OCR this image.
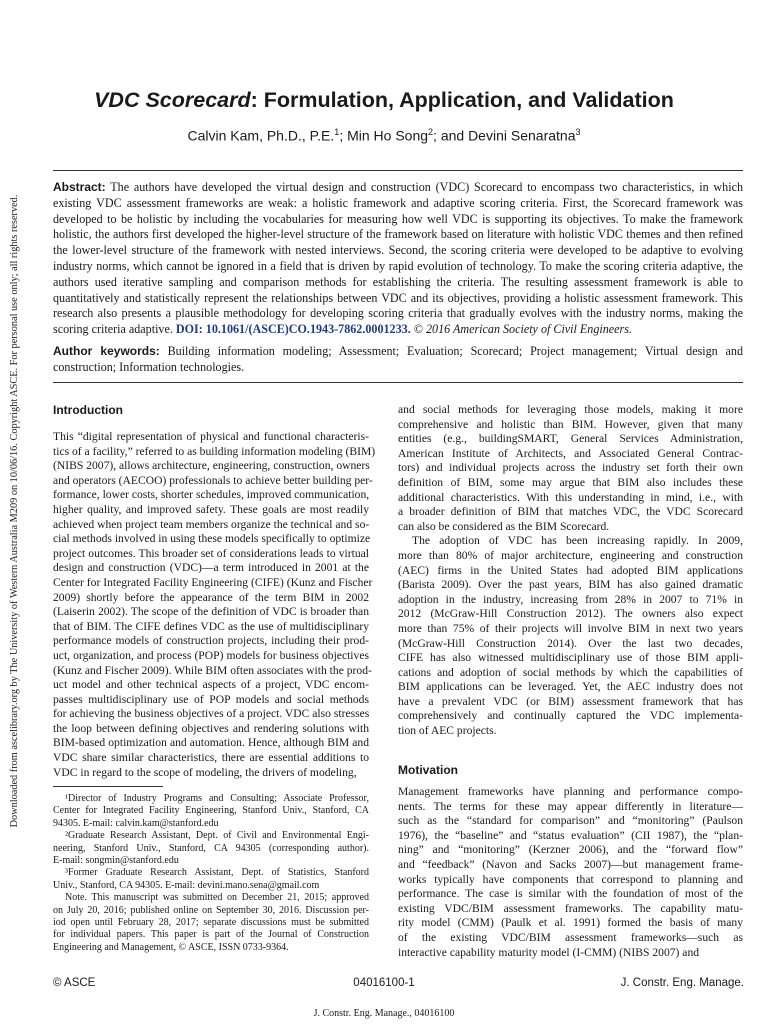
Downloaded from ascelibrary.org by The University of Western Australia M209 on 10/06/16. Copyright ASCE. For personal use only; all rights reserved.
VDC Scorecard: Formulation, Application, and Validation
Calvin Kam, Ph.D., P.E.$^1$; Min Ho Song$^2$; and Devini Senaratna$^3$
Abstract: The authors have developed the virtual design and construction (VDC) Scorecard to encompass two characteristics, in which existing VDC assessment frameworks are weak: a holistic framework and adaptive scoring criteria. First, the Scorecard framework was developed to be holistic by including the vocabularies for measuring how well VDC is supporting its objectives. To make the framework holistic, the authors first developed the higher-level structure of the framework based on literature with holistic VDC themes and then refined the lower-level structure of the framework with nested interviews. Second, the scoring criteria were developed to be adaptive to evolving industry norms, which cannot be ignored in a field that is driven by rapid evolution of technology. To make the scoring criteria adaptive, the authors used iterative sampling and comparison methods for establishing the criteria. The resulting assessment framework is able to quantitatively and statistically represent the relationships between VDC and its objectives, providing a holistic assessment framework. This research also presents a plausible methodology for developing scoring criteria that gradually evolves with the industry norms, making the scoring criteria adaptive. DOI: 10.1061/(ASCE)CO.1943-7862.0001233. © 2016 American Society of Civil Engineers.
Author keywords: Building information modeling; Assessment; Evaluation; Scorecard; Project management; Virtual design and construction; Information technologies.
Introduction
This “digital representation of physical and functional characteris-
tics of a facility,” referred to as building information modeling (BIM)
(NIBS 2007), allows architecture, engineering, construction, owners
and operators (AECOO) professionals to achieve better building per-
formance, lower costs, shorter schedules, improved communication,
higher quality, and improved safety. These goals are most readily
achieved when project team members organize the technical and so-
cial methods involved in using these models specifically to optimize
project outcomes. This broader set of considerations leads to virtual
design and construction (VDC)—a term introduced in 2001 at the
Center for Integrated Facility Engineering (CIFE) (Kunz and Fischer
2009) shortly before the appearance of the term BIM in 2002
(Laiserin 2002). The scope of the definition of VDC is broader than
that of BIM. The CIFE defines VDC as the use of multidisciplinary
performance models of construction projects, including their prod-
uct, organization, and process (POP) models for business objectives
(Kunz and Fischer 2009). While BIM often associates with the prod-
uct model and other technical aspects of a project, VDC encom-
passes multidisciplinary use of POP models and social methods
for achieving the business objectives of a project. VDC also stresses
the loop between defining objectives and rendering solutions with
BIM-based optimization and automation. Hence, although BIM and
VDC share similar characteristics, there are essential additions to
VDC in regard to the scope of modeling, the drivers of modeling,
¹Director of Industry Programs and Consulting; Associate Professor,
Center for Integrated Facility Engineering, Stanford Univ., Stanford, CA
94305. E-mail: calvin.kam@stanford.edu
²Graduate Research Assistant, Dept. of Civil and Environmental Engi-
neering, Stanford Univ., Stanford, CA 94305 (corresponding author).
E-mail: songmin@stanford.edu
³Former Graduate Research Assistant, Dept. of Statistics, Stanford
Univ., Stanford, CA 94305. E-mail: devini.mano.sena@gmail.com
Note. This manuscript was submitted on December 21, 2015; approved
on July 20, 2016; published online on September 30, 2016. Discussion per-
iod open until February 28, 2017; separate discussions must be submitted
for individual papers. This paper is part of the Journal of Construction
Engineering and Management, © ASCE, ISSN 0733-9364.
and social methods for leveraging those models, making it more
comprehensive and holistic than BIM. However, given that many
entities (e.g., buildingSMART, General Services Administration,
American Institute of Architects, and Associated General Contrac-
tors) and individual projects across the industry set forth their own
definition of BIM, some may argue that BIM also includes these
additional characteristics. With this understanding in mind, i.e., with
a broader definition of BIM that matches VDC, the VDC Scorecard
can also be considered as the BIM Scorecard.
The adoption of VDC has been increasing rapidly. In 2009,
more than 80% of major architecture, engineering and construction
(AEC) firms in the United States had adopted BIM applications
(Barista 2009). Over the past years, BIM has also gained dramatic
adoption in the industry, increasing from 28% in 2007 to 71% in
2012 (McGraw-Hill Construction 2012). The owners also expect
more than 75% of their projects will involve BIM in next two years
(McGraw-Hill Construction 2014). Over the last two decades,
CIFE has also witnessed multidisciplinary use of those BIM appli-
cations and adoption of social methods by which the capabilities of
BIM applications can be leveraged. Yet, the AEC industry does not
have a prevalent VDC (or BIM) assessment framework that has
comprehensively and continually captured the VDC implementa-
tion of AEC projects.
Motivation
Management frameworks have planning and performance compo-
nents. The terms for these may appear differently in literature—
such as the “standard for comparison” and “monitoring” (Paulson
1976), the “baseline” and “status evaluation” (CII 1987), the “plan-
ning” and “monitoring” (Kerzner 2006), and the “forward flow”
and “feedback” (Navon and Sacks 2007)—but management frame-
works typically have components that correspond to planning and
performance. The case is similar with the foundation of most of the
existing VDC/BIM assessment frameworks. The capability matu-
rity model (CMM) (Paulk et al. 1991) formed the basis of many
of the existing VDC/BIM assessment frameworks—such as
interactive capability maturity model (I-CMM) (NIBS 2007) and
© ASCE	04016100-1	J. Constr. Eng. Manage.
J. Constr. Eng. Manage., 04016100
